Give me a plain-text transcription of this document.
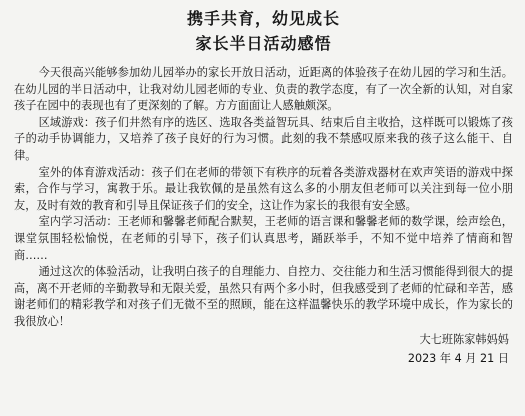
携手共育，幼见成长
家长半日活动感悟

今天很高兴能够参加幼儿园举办的家长开放日活动，近距离的体验孩子在幼儿园的学习和生活。在幼儿园的半日活动中，让我对幼儿园老师的专业、负责的教学态度，有了一次全新的认知，对自家孩子在园中的表现也有了更深刻的了解。方方面面让人感触颇深。

区域游戏：孩子们井然有序的选区、选取各类益智玩具、结束后自主收拾，这样既可以锻炼了孩子的动手协调能力，又培养了孩子良好的行为习惯。此刻的我不禁感叹原来我的孩子这么能干、自律。

室外的体育游戏活动：孩子们在老师的带领下有秩序的玩着各类游戏器材在欢声笑语的游戏中探索，合作与学习，寓教于乐。最让我钦佩的是虽然有这么多的小朋友但老师可以关注到每一位小朋友，及时有效的教育和引导且保证孩子们的安全，这让作为家长的我很有安全感。

室内学习活动：王老师和馨馨老师配合默契，王老师的语言课和馨馨老师的数学课，绘声绘色，课堂氛围轻松愉悦，在老师的引导下，孩子们认真思考，踊跃举手，不知不觉中培养了情商和智商……

通过这次的体验活动，让我明白孩子的自理能力、自控力、交往能力和生活习惯能得到很大的提高，离不开老师的辛勤教导和无限关爱，虽然只有两个多小时，但我感受到了老师的忙碌和辛苦，感谢老师们的精彩教学和对孩子们无微不至的照顾，能在这样温馨快乐的教学环境中成长，作为家长的我很放心！

大七班陈家韩妈妈

2023 年 4 月 21 日
